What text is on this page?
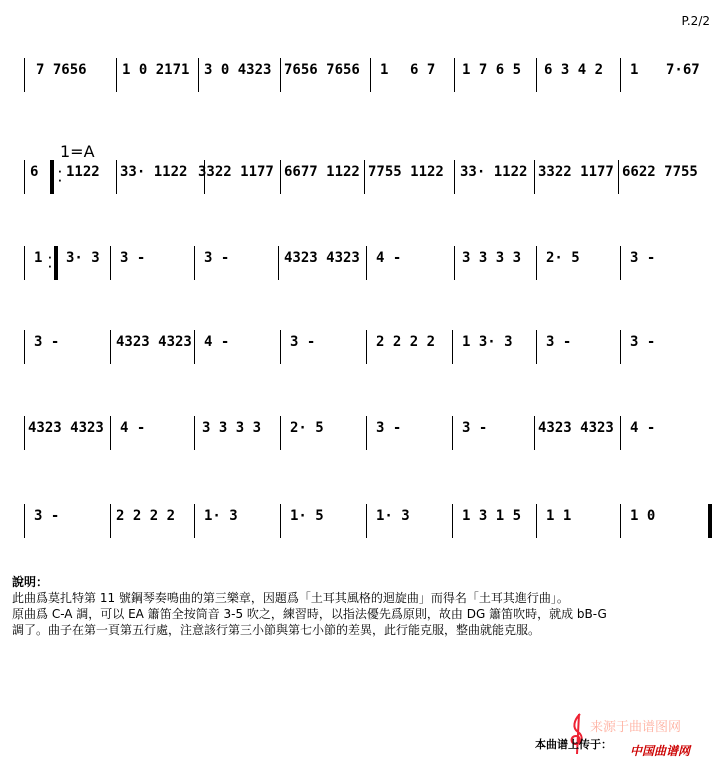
P.2/2
1=A
7 7656	1 0 2171 3 0 4323 7656 7656 1 6 7 1 7 6 5 6 3 4 2 1 7·67
6 ·
·
1122 33· 1122 3322 1177 6677 1122 7755 1122 33· 1122 3322 1177 6622 7755
1 ·
·
3· 3 3 -	3 -	4323 4323 4 -	3 3 3 3 2· 5	3 -
3 -	4323 4323 4 -	3 -	2 2 2 2 1 3· 3 3 -	3 -
4323 4323 4 -	3 3 3 3 2· 5	3 -	3 -	4323 4323 4 -
3 -	2 2 2 2 1· 3	1· 5	1· 3	1 3 1 5 1 1	1 0
說明：

此曲爲莫扎特第 11 號鋼琴奏鳴曲的第三樂章，因題爲「土耳其風格的迴旋曲」而得名「土耳其進行曲」。

原曲爲 C-A 調，可以 EA 簫笛全按筒音 3-5 吹之，練習時，以指法優先爲原則，故由 DG 簫笛吹時，就成 bB-G

調了。曲子在第一頁第五行處，注意該行第三小節與第七小節的差異，此行能克服，整曲就能克服。

来源于曲谱图网
本曲谱上传于： 中国曲谱网
